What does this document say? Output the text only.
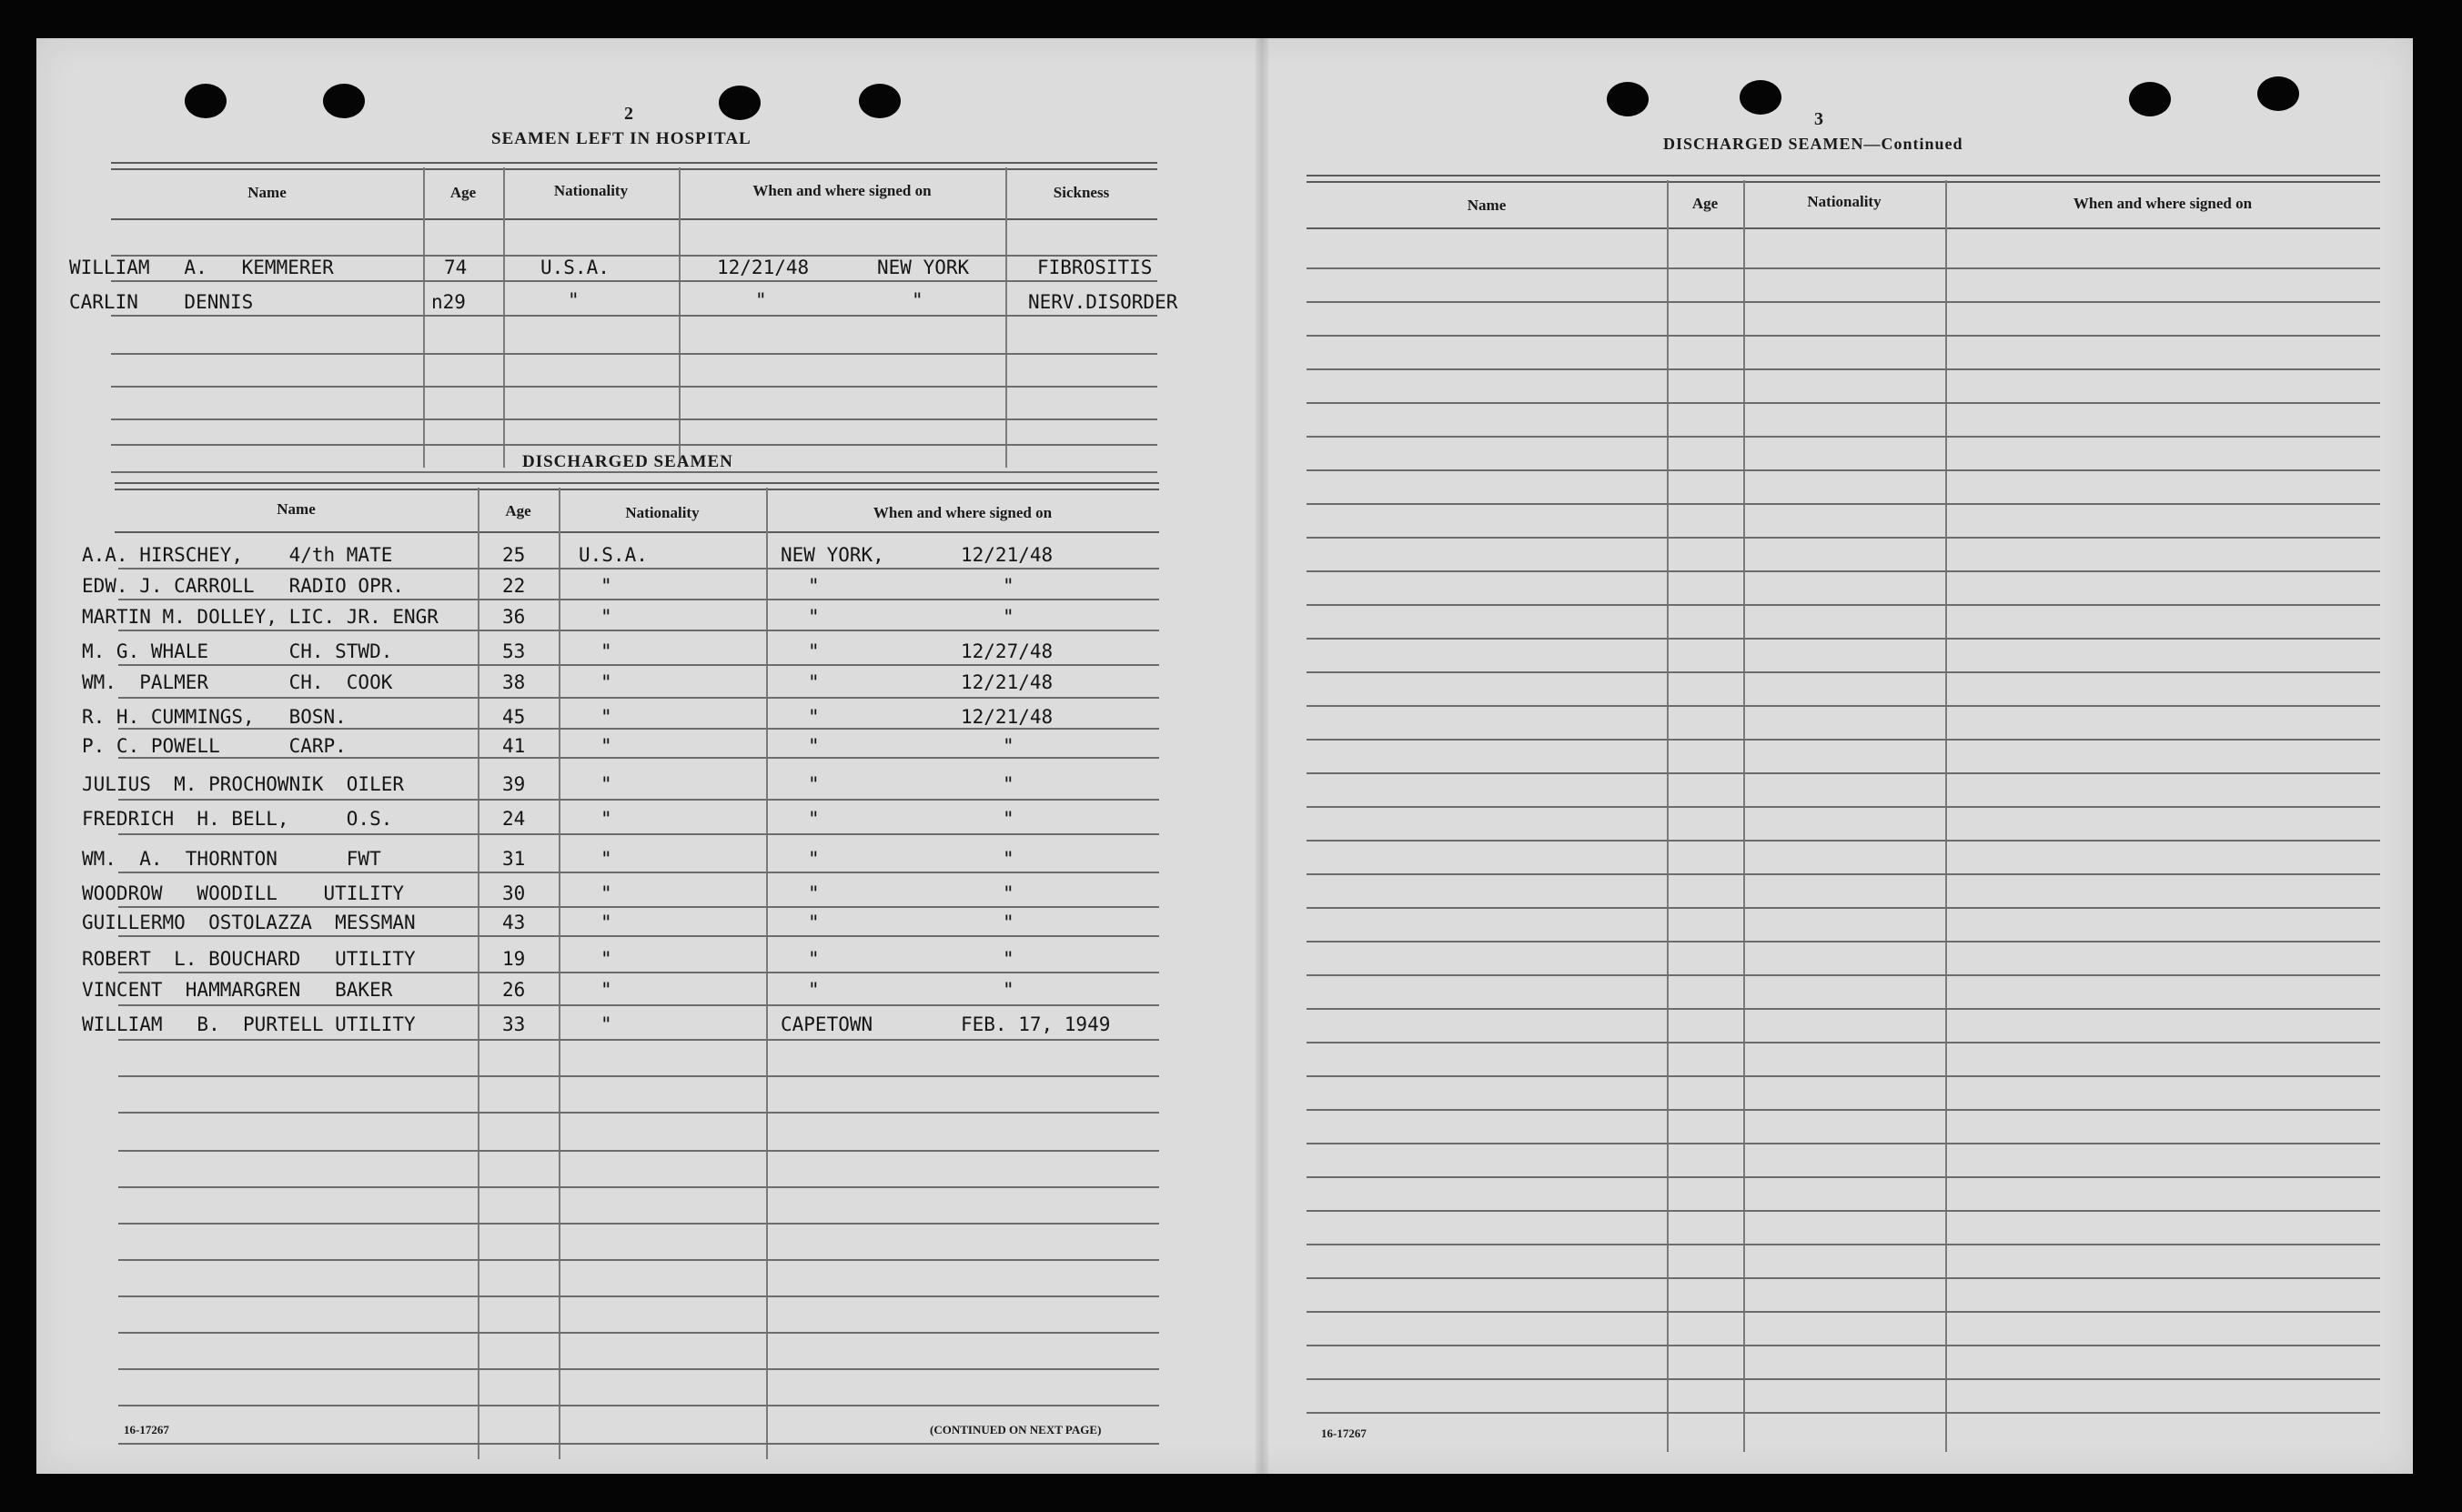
2
SEAMEN LEFT IN HOSPITAL
Name	Age	Nationality	When and where signed on	Sickness
WILLIAM   A.   KEMMERER	74	U.S.A.	12/21/48	NEW YORK	FIBROSITIS
CARLIN    DENNIS	n29	"	"	"	NERV.DISORDER
DISCHARGED SEAMEN
Name	Age	Nationality	When and where signed on
A.A. HIRSCHEY,    4/th MATE	25	U.S.A.	NEW YORK,	12/21/48
EDW. J. CARROLL   RADIO OPR.	22	"	"	"
MARTIN M. DOLLEY, LIC. JR. ENGR	36	"	"	"
M. G. WHALE       CH. STWD.	53	"	"	12/27/48
WM.  PALMER       CH.  COOK	38	"	"	12/21/48
R. H. CUMMINGS,   BOSN.	45	"	"	12/21/48
P. C. POWELL      CARP.	41	"	"	"
JULIUS  M. PROCHOWNIK  OILER	39	"	"	"
FREDRICH  H. BELL,     O.S.	24	"	"	"
WM.  A.  THORNTON      FWT	31	"	"	"
WOODROW   WOODILL    UTILITY	30	"	"	"
GUILLERMO  OSTOLAZZA  MESSMAN	43	"	"	"
ROBERT  L. BOUCHARD   UTILITY	19	"	"	"
VINCENT  HAMMARGREN   BAKER	26	"	"	"
WILLIAM   B.  PURTELL UTILITY	33	"	CAPETOWN	FEB. 17, 1949
16-17267	(CONTINUED ON NEXT PAGE)
3
DISCHARGED SEAMEN—Continued
Name	Age	Nationality	When and where signed on
16-17267
